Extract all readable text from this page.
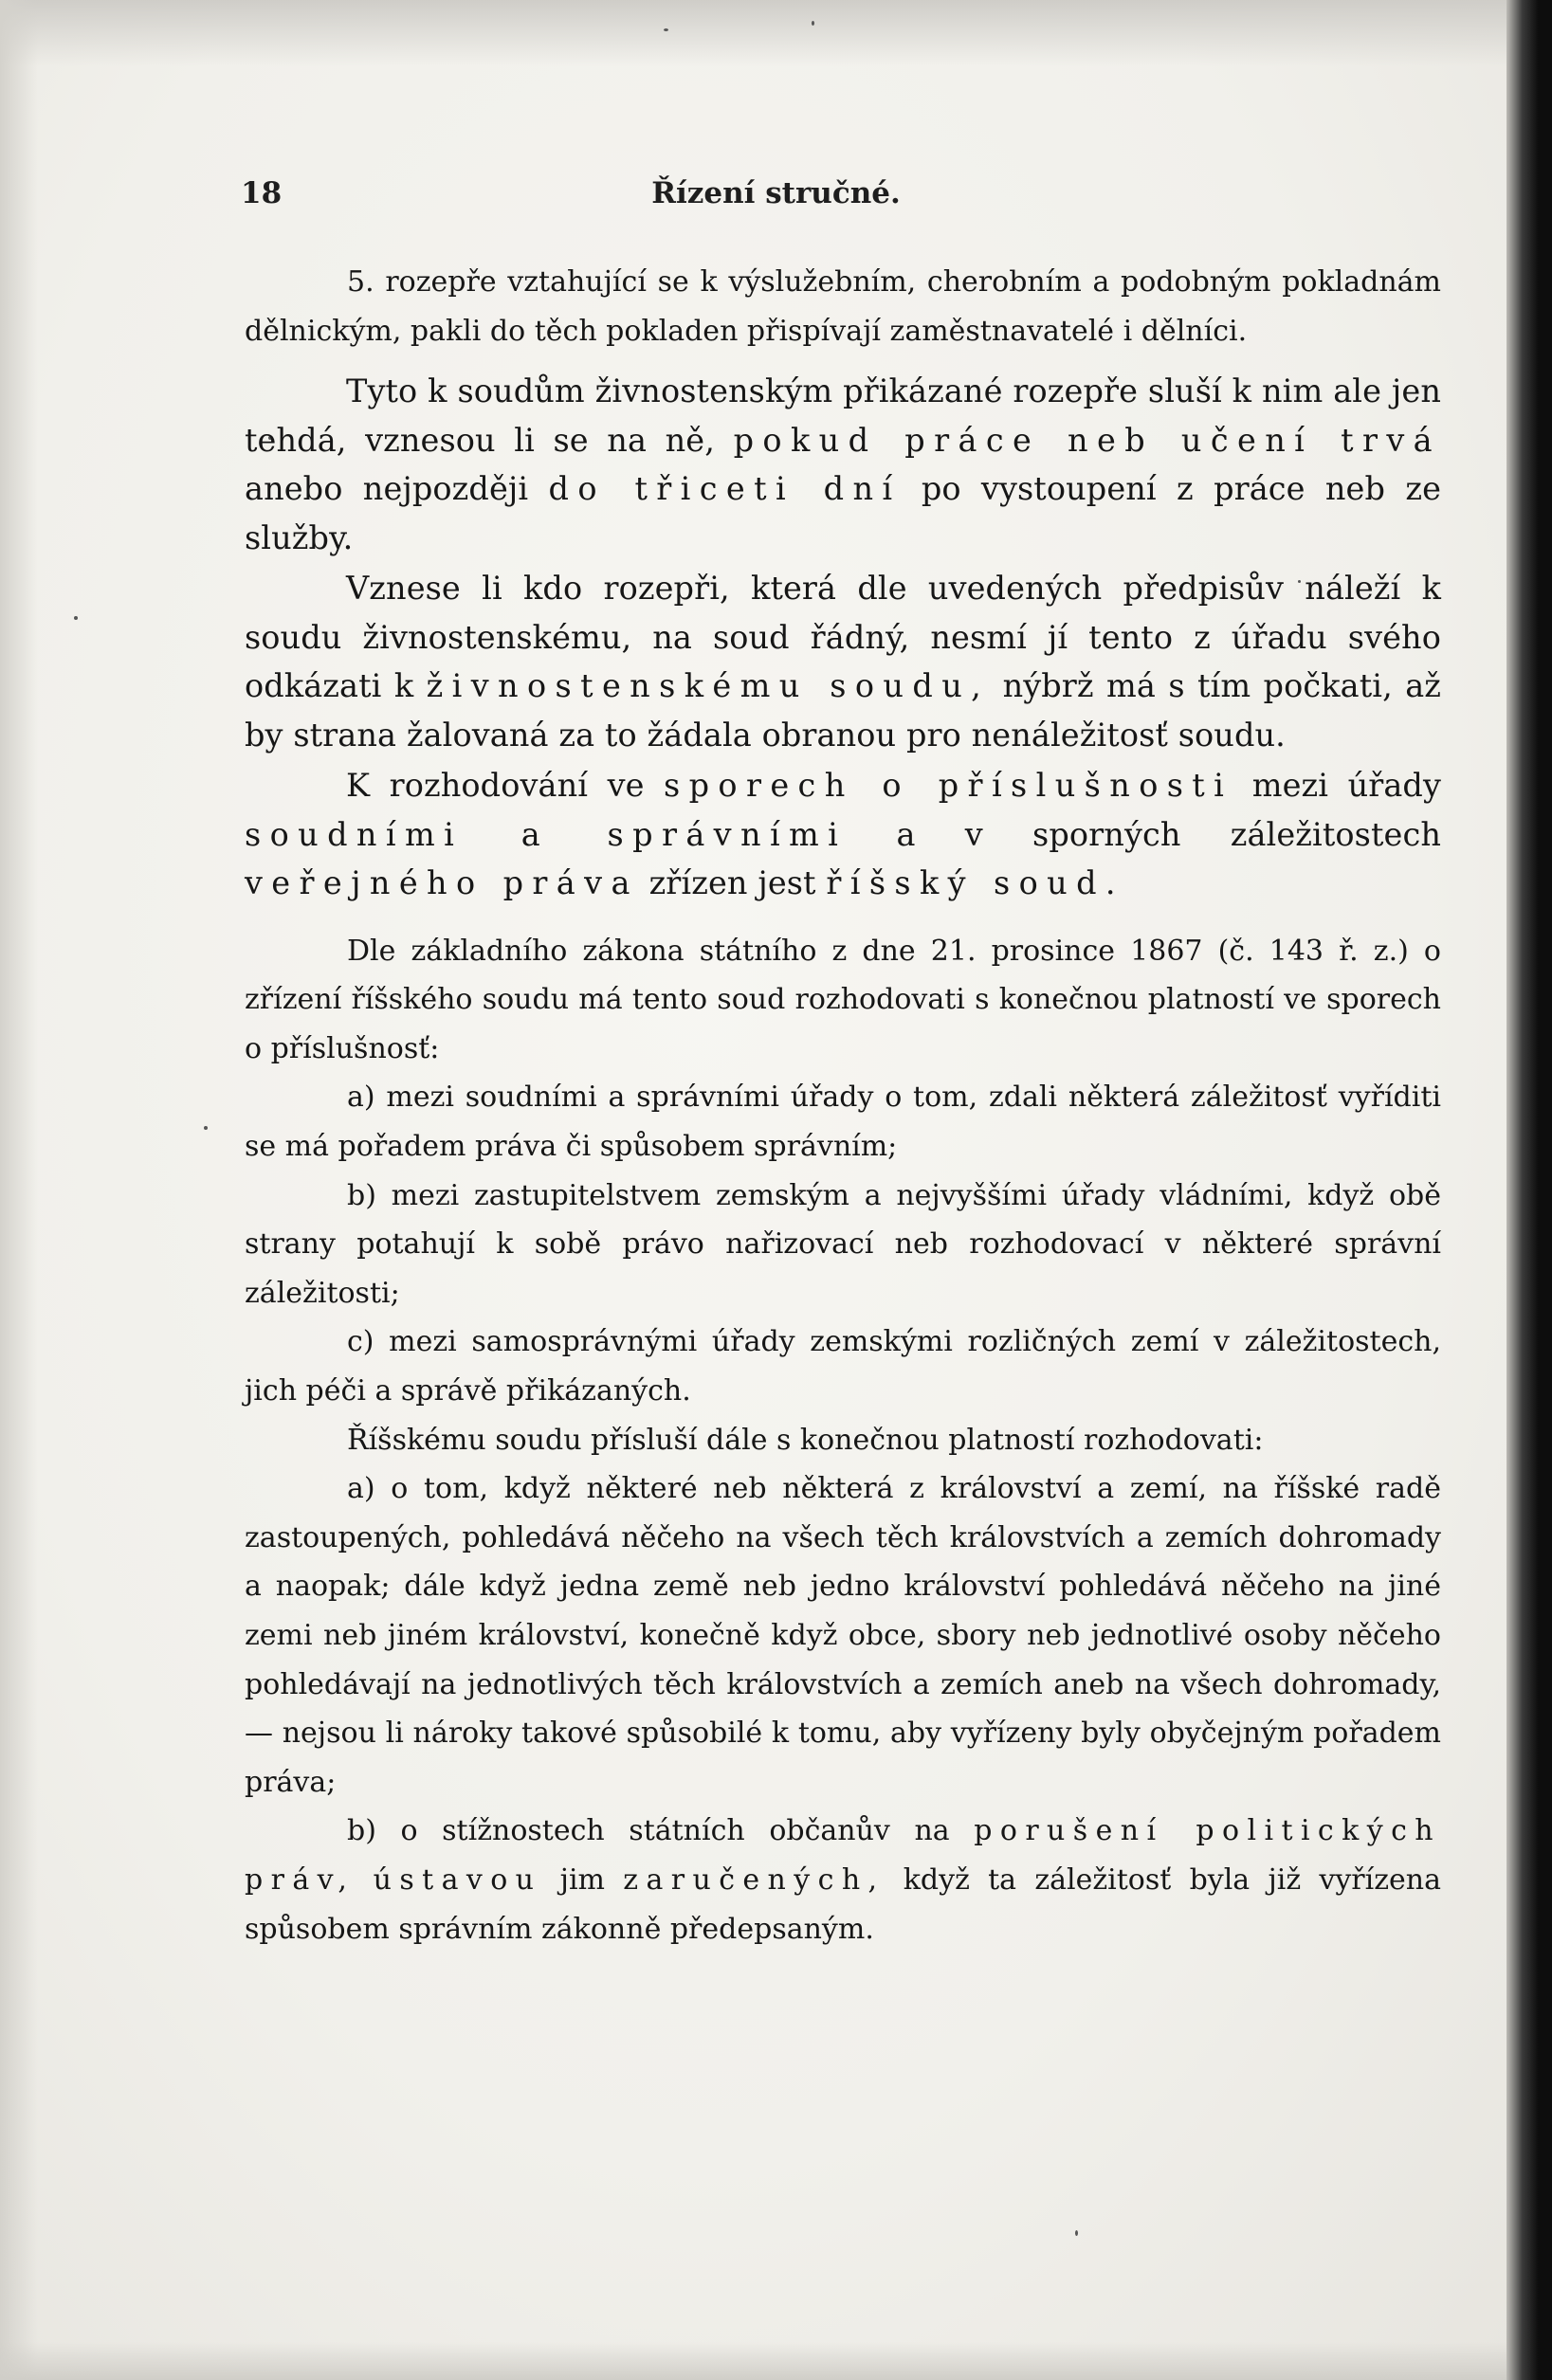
18	Řízení stručné.

5. rozepře vztahující se k výslužebním, cherobním a podobným pokladnám dělnickým, pakli do těch pokladen přispívají zaměstnavatelé i dělníci.

Tyto k soudům živnostenským přikázané rozepře sluší k nim ale jen tehdá, vznesou li se na ně, pokud práce neb učení trvá anebo nejpozději do třiceti dní po vystoupení z práce neb ze služby.

Vznese li kdo rozepři, která dle uvedených předpisův náleží k soudu živnostenskému, na soud řádný, nesmí jí tento z úřadu svého odkázati k živnostenskému soudu, nýbrž má s tím počkati, až by strana žalovaná za to žádala obranou pro nenáležitosť soudu.

K rozhodování ve sporech o příslušnosti mezi úřady soudními a správními a v sporných záležitostech veřejného práva zřízen jest říšský soud.

Dle základního zákona státního z dne 21. prosince 1867 (č. 143 ř. z.) o zřízení říšského soudu má tento soud rozhodovati s konečnou platností ve sporech o příslušnosť:

a) mezi soudními a správními úřady o tom, zdali některá záležitosť vyříditi se má pořadem práva či spůsobem správním;

b) mezi zastupitelstvem zemským a nejvyššími úřady vládními, když obě strany potahují k sobě právo nařizovací neb rozhodovací v některé správní záležitosti;

c) mezi samosprávnými úřady zemskými rozličných zemí v záležitostech, jich péči a správě přikázaných.

Říšskému soudu přísluší dále s konečnou platností rozhodovati:

a) o tom, když některé neb některá z království a zemí, na říšské radě zastoupených, pohledává něčeho na všech těch královstvích a zemích dohromady a naopak; dále když jedna země neb jedno království pohledává něčeho na jiné zemi neb jiném království, konečně když obce, sbory neb jednotlivé osoby něčeho pohledávají na jednotlivých těch královstvích a zemích aneb na všech dohromady, — nejsou li nároky takové spůsobilé k tomu, aby vyřízeny byly obyčejným pořadem práva;

b) o stížnostech státních občanův na porušení politických práv, ústavou jim zaručených, když ta záležitosť byla již vyřízena spůsobem správním zákonně předepsaným.
